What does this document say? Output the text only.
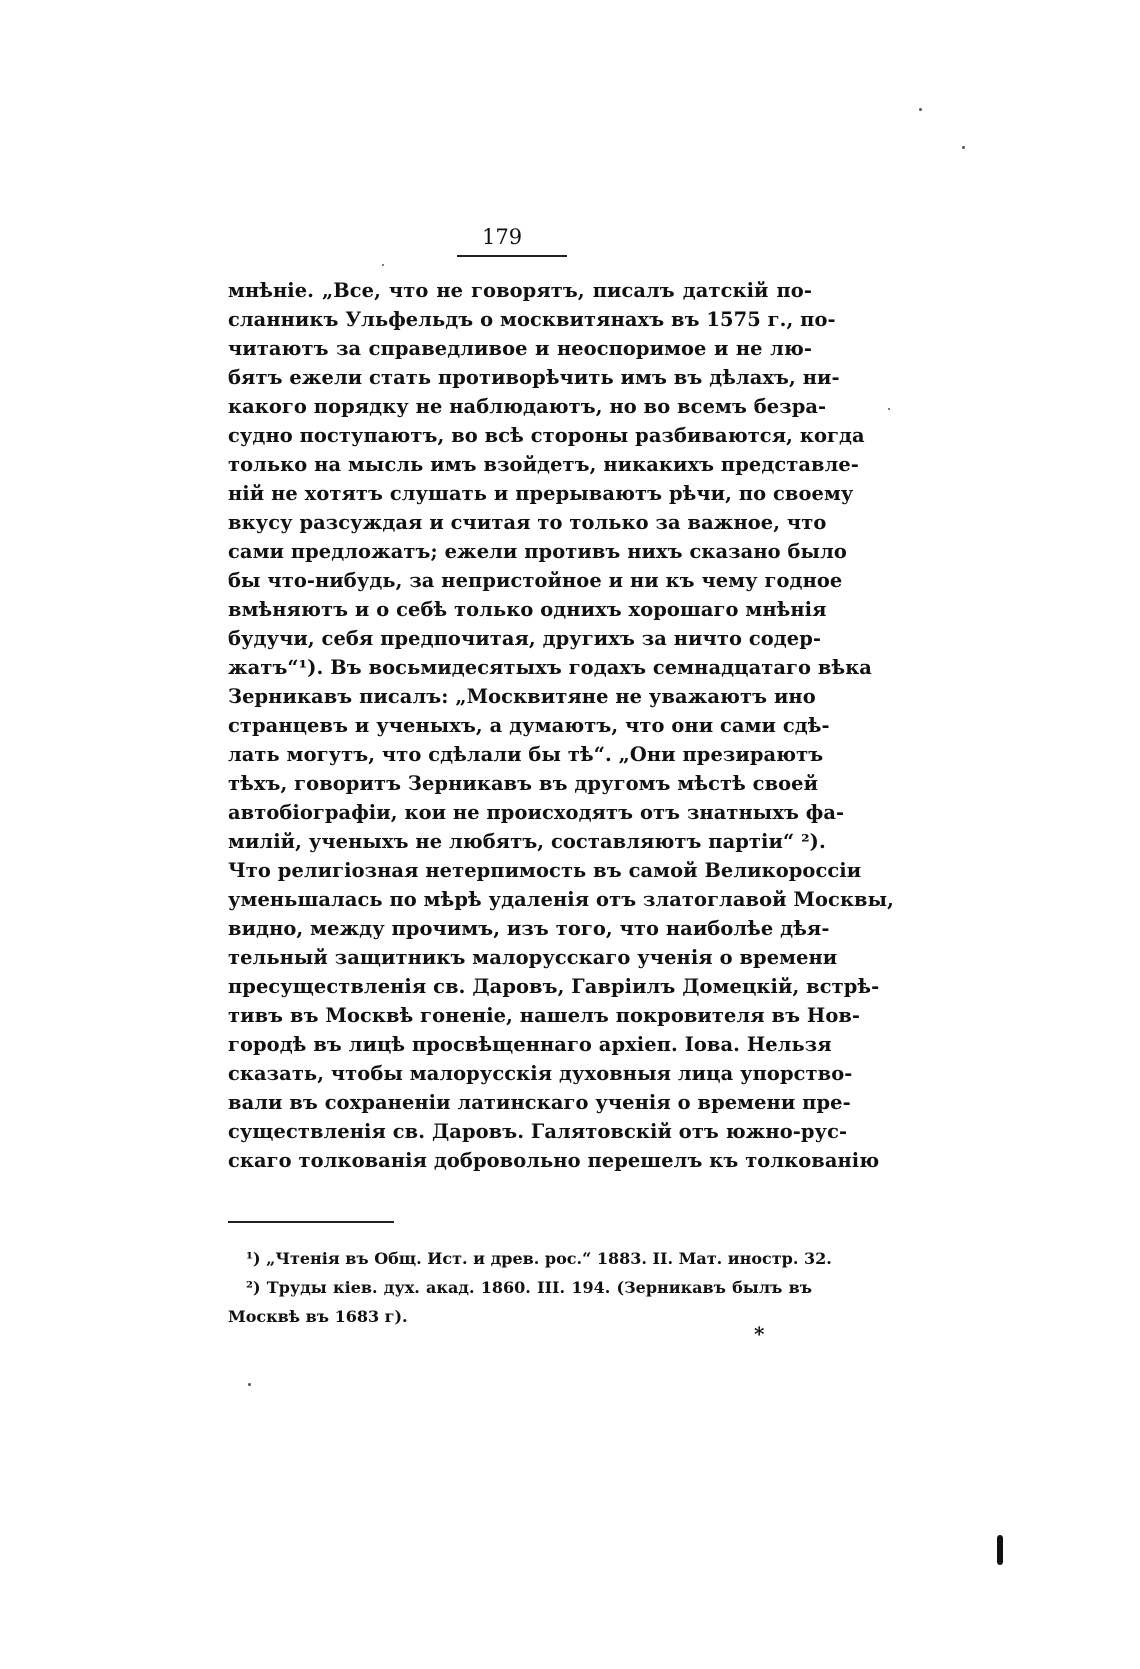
179
мнѣніе. „Все, что не говорятъ, писалъ датскій по-
сланникъ Ульфельдъ о москвитянахъ въ 1575 г., по-
читаютъ за справедливое и неоспоримое и не лю-
бятъ ежели стать противорѣчить имъ въ дѣлахъ, ни-
какого порядку не наблюдаютъ, но во всемъ безра-
судно поступаютъ, во всѣ стороны разбиваются, когда
только на мысль имъ взойдетъ, никакихъ представле-
ній не хотятъ слушать и прерываютъ рѣчи, по своему
вкусу разсуждая и считая то только за важное, что
сами предложатъ; ежели противъ нихъ сказано было
бы что-нибудь, за непристойное и ни къ чему годное
вмѣняютъ и о себѣ только однихъ хорошаго мнѣнія
будучи, себя предпочитая, другихъ за ничто содер-
жатъ“¹). Въ восьмидесятыхъ годахъ семнадцатаго вѣка
Зерникавъ писалъ: „Москвитяне не уважаютъ ино
странцевъ и ученыхъ, а думаютъ, что они сами сдѣ-
лать могутъ, что сдѣлали бы тѣ“. „Они презираютъ
тѣхъ, говоритъ Зерникавъ въ другомъ мѣстѣ своей
автобіографіи, кои не происходятъ отъ знатныхъ фа-
милій, ученыхъ не любятъ, составляютъ партіи“ ²).
Что религіозная нетерпимость въ самой Великороссіи
уменьшалась по мѣрѣ удаленія отъ златоглавой Москвы,
видно, между прочимъ, изъ того, что наиболѣе дѣя-
тельный защитникъ малорусскаго ученія о времени
пресуществленія св. Даровъ, Гавріилъ Домецкій, встрѣ-
тивъ въ Москвѣ гоненіе, нашелъ покровителя въ Нов-
городѣ въ лицѣ просвѣщеннаго архіеп. Іова. Нельзя
сказать, чтобы малорусскія духовныя лица упорство-
вали въ сохраненіи латинскаго ученія о времени пре-
существленія св. Даровъ. Галятовскій отъ южно-рус-
скаго толкованія добровольно перешелъ къ толкованію
¹) „Чтенія въ Общ. Ист. и древ. рос.“ 1883. II. Мат. иностр. 32.
²) Труды кіев. дух. акад. 1860. III. 194. (Зерникавъ былъ въ
Москвѣ въ 1683 г).
*
